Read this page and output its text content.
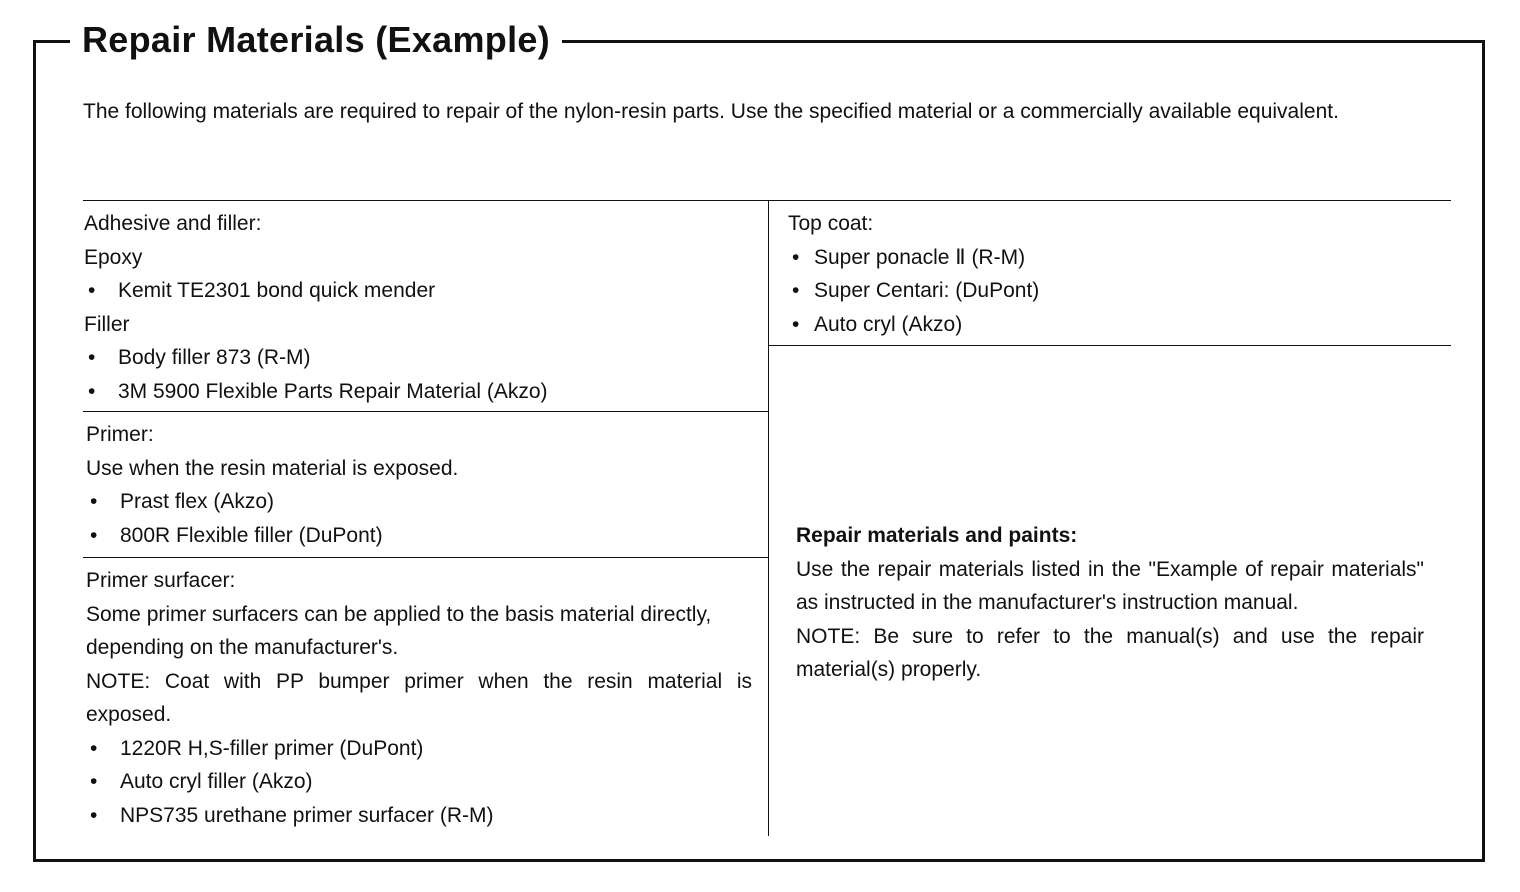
Repair Materials (Example)

The following materials are required to repair of the nylon-resin parts. Use the specified material or a commercially available equivalent.

Adhesive and filler:
Epoxy
• Kemit TE2301 bond quick mender
Filler
• Body filler 873 (R-M)
• 3M 5900 Flexible Parts Repair Material (Akzo)
Primer:
Use when the resin material is exposed.
• Prast flex (Akzo)
• 800R Flexible filler (DuPont)
Primer surfacer:
Some primer surfacers can be applied to the basis material directly, depending on the manufacturer's.
NOTE: Coat with PP bumper primer when the resin material is exposed.
• 1220R H,S-filler primer (DuPont)
• Auto cryl filler (Akzo)
• NPS735 urethane primer surfacer (R-M)
Top coat:
• Super ponacle Ⅱ (R-M)
• Super Centari: (DuPont)
• Auto cryl (Akzo)
Repair materials and paints:
Use the repair materials listed in the "Example of repair materials" as instructed in the manufacturer's instruction manual.
NOTE: Be sure to refer to the manual(s) and use the repair material(s) properly.
